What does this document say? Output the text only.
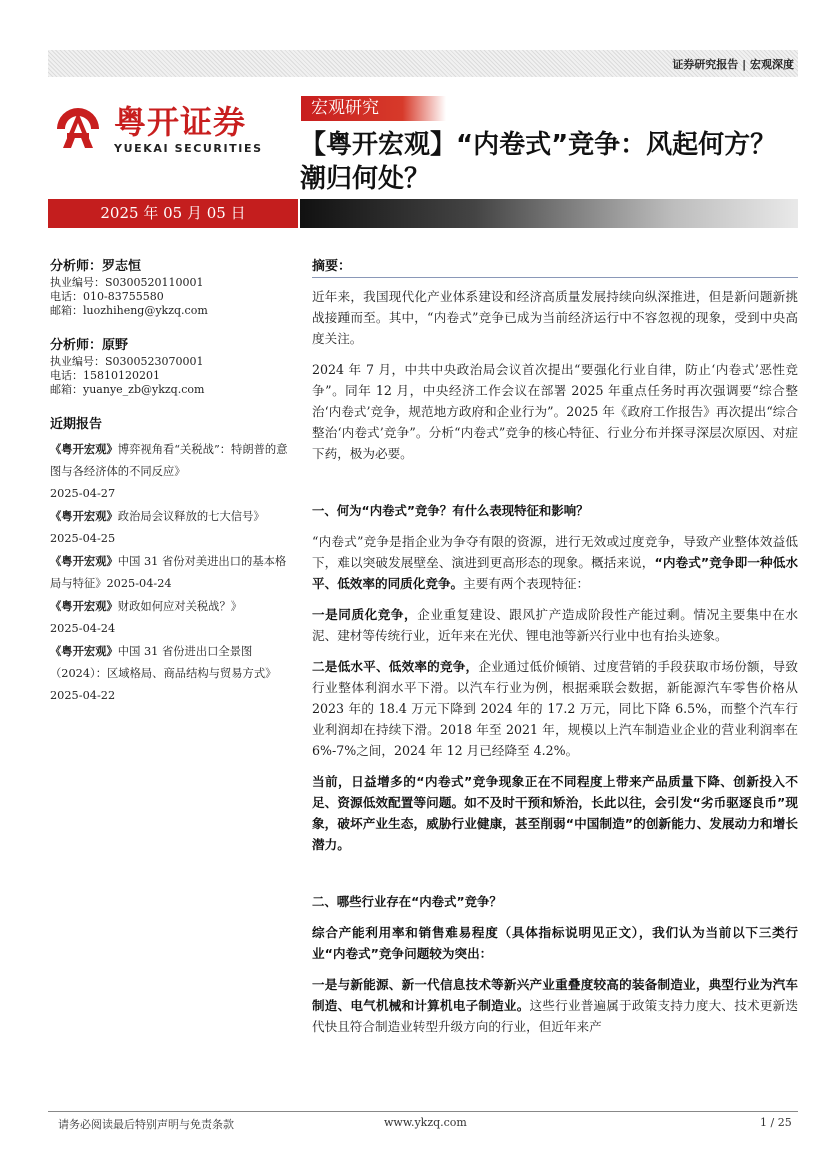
证券研究报告 | 宏观深度
粤开证券
YUEKAI SECURITIES
宏观研究
【粤开宏观】“内卷式”竞争：风起何方？潮归何处？
2025 年 05 月 05 日
分析师：罗志恒
执业编号：S0300520110001
电话：010-83755580
邮箱：luozhiheng@ykzq.com
分析师：原野
执业编号：S0300523070001
电话：15810120201
邮箱：yuanye_zb@ykzq.com
近期报告
《粤开宏观》博弈视角看“关税战”：特朗普的意图与各经济体的不同反应》
2025-04-27
《粤开宏观》政治局会议释放的七大信号》2025-04-25
《粤开宏观》中国 31 省份对美进出口的基本格局与特征》2025-04-24
《粤开宏观》财政如何应对关税战？》
2025-04-24
《粤开宏观》中国 31 省份进出口全景图（2024）：区域格局、商品结构与贸易方式》
2025-04-22
摘要：

近年来，我国现代化产业体系建设和经济高质量发展持续向纵深推进，但是新问题新挑战接踵而至。其中，“内卷式”竞争已成为当前经济运行中不容忽视的现象，受到中央高度关注。

2024 年 7 月，中共中央政治局会议首次提出“要强化行业自律，防止‘内卷式’恶性竞争”。同年 12 月，中央经济工作会议在部署 2025 年重点任务时再次强调要“综合整治‘内卷式’竞争，规范地方政府和企业行为”。2025 年《政府工作报告》再次提出“综合整治‘内卷式’竞争”。分析“内卷式”竞争的核心特征、行业分布并探寻深层次原因、对症下药，极为必要。

一、何为“内卷式”竞争？有什么表现特征和影响？

“内卷式”竞争是指企业为争夺有限的资源，进行无效或过度竞争，导致产业整体效益低下，难以突破发展壁垒、演进到更高形态的现象。概括来说，“内卷式”竞争即一种低水平、低效率的同质化竞争。主要有两个表现特征：

一是同质化竞争，企业重复建设、跟风扩产造成阶段性产能过剩。情况主要集中在水泥、建材等传统行业，近年来在光伏、锂电池等新兴行业中也有抬头迹象。

二是低水平、低效率的竞争，企业通过低价倾销、过度营销的手段获取市场份额，导致行业整体利润水平下滑。以汽车行业为例，根据乘联会数据，新能源汽车零售价格从 2023 年的 18.4 万元下降到 2024 年的 17.2 万元，同比下降 6.5%，而整个汽车行业利润却在持续下滑。2018 年至 2021 年，规模以上汽车制造业企业的营业利润率在 6%-7%之间，2024 年 12 月已经降至 4.2%。

当前，日益增多的“内卷式”竞争现象正在不同程度上带来产品质量下降、创新投入不足、资源低效配置等问题。如不及时干预和矫治，长此以往，会引发“劣币驱逐良币”现象，破坏产业生态，威胁行业健康，甚至削弱“中国制造”的创新能力、发展动力和增长潜力。

二、哪些行业存在“内卷式”竞争？

综合产能利用率和销售难易程度（具体指标说明见正文），我们认为当前以下三类行业“内卷式”竞争问题较为突出：

一是与新能源、新一代信息技术等新兴产业重叠度较高的装备制造业，典型行业为汽车制造、电气机械和计算机电子制造业。这些行业普遍属于政策支持力度大、技术更新迭代快且符合制造业转型升级方向的行业，但近年来产

请务必阅读最后特别声明与免责条款	www.ykzq.com	1 / 25
